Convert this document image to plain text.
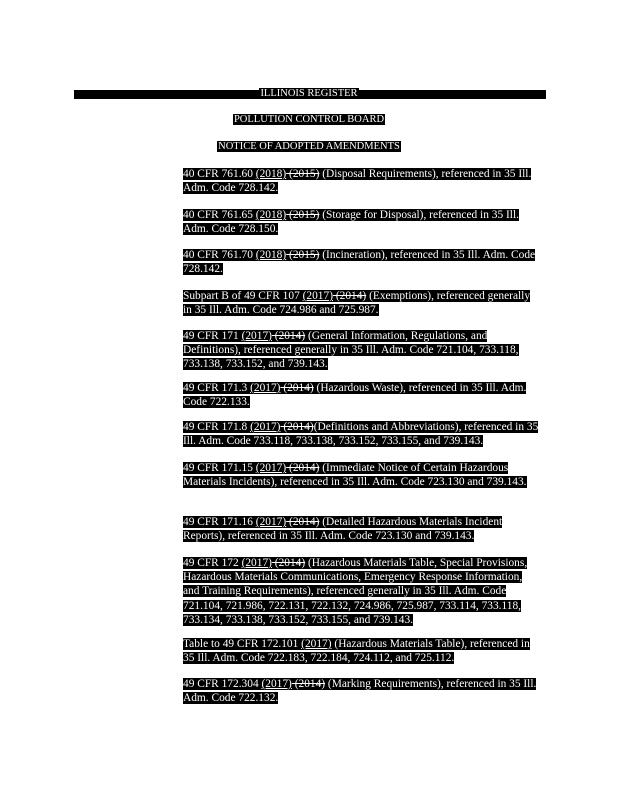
ILLINOIS REGISTER
POLLUTION CONTROL BOARD
NOTICE OF ADOPTED AMENDMENTS
40 CFR 761.60 (2018) (2015) (Disposal Requirements), referenced in 35 Ill. Adm. Code 728.142.
40 CFR 761.65 (2018) (2015) (Storage for Disposal), referenced in 35 Ill. Adm. Code 728.150.
40 CFR 761.70 (2018) (2015) (Incineration), referenced in 35 Ill. Adm. Code 728.142.
Subpart B of 49 CFR 107 (2017) (2014) (Exemptions), referenced generally in 35 Ill. Adm. Code 724.986 and 725.987.
49 CFR 171 (2017) (2014) (General Information, Regulations, and Definitions), referenced generally in 35 Ill. Adm. Code 721.104, 733.118, 733.138, 733.152, and 739.143.
49 CFR 171.3 (2017) (2014) (Hazardous Waste), referenced in 35 Ill. Adm. Code 722.133.
49 CFR 171.8 (2017) (2014)(Definitions and Abbreviations), referenced in 35 Ill. Adm. Code 733.118, 733.138, 733.152, 733.155, and 739.143.
49 CFR 171.15 (2017) (2014) (Immediate Notice of Certain Hazardous Materials Incidents), referenced in 35 Ill. Adm. Code 723.130 and 739.143.
49 CFR 171.16 (2017) (2014) (Detailed Hazardous Materials Incident Reports), referenced in 35 Ill. Adm. Code 723.130 and 739.143.
49 CFR 172 (2017) (2014) (Hazardous Materials Table, Special Provisions, Hazardous Materials Communications, Emergency Response Information, and Training Requirements), referenced generally in 35 Ill. Adm. Code 721.104, 721.986, 722.131, 722.132, 724.986, 725.987, 733.114, 733.118, 733.134, 733.138, 733.152, 733.155, and 739.143.
Table to 49 CFR 172.101 (2017) (Hazardous Materials Table), referenced in 35 Ill. Adm. Code 722.183, 722.184, 724.112, and 725.112.
49 CFR 172.304 (2017) (2014) (Marking Requirements), referenced in 35 Ill. Adm. Code 722.132.
